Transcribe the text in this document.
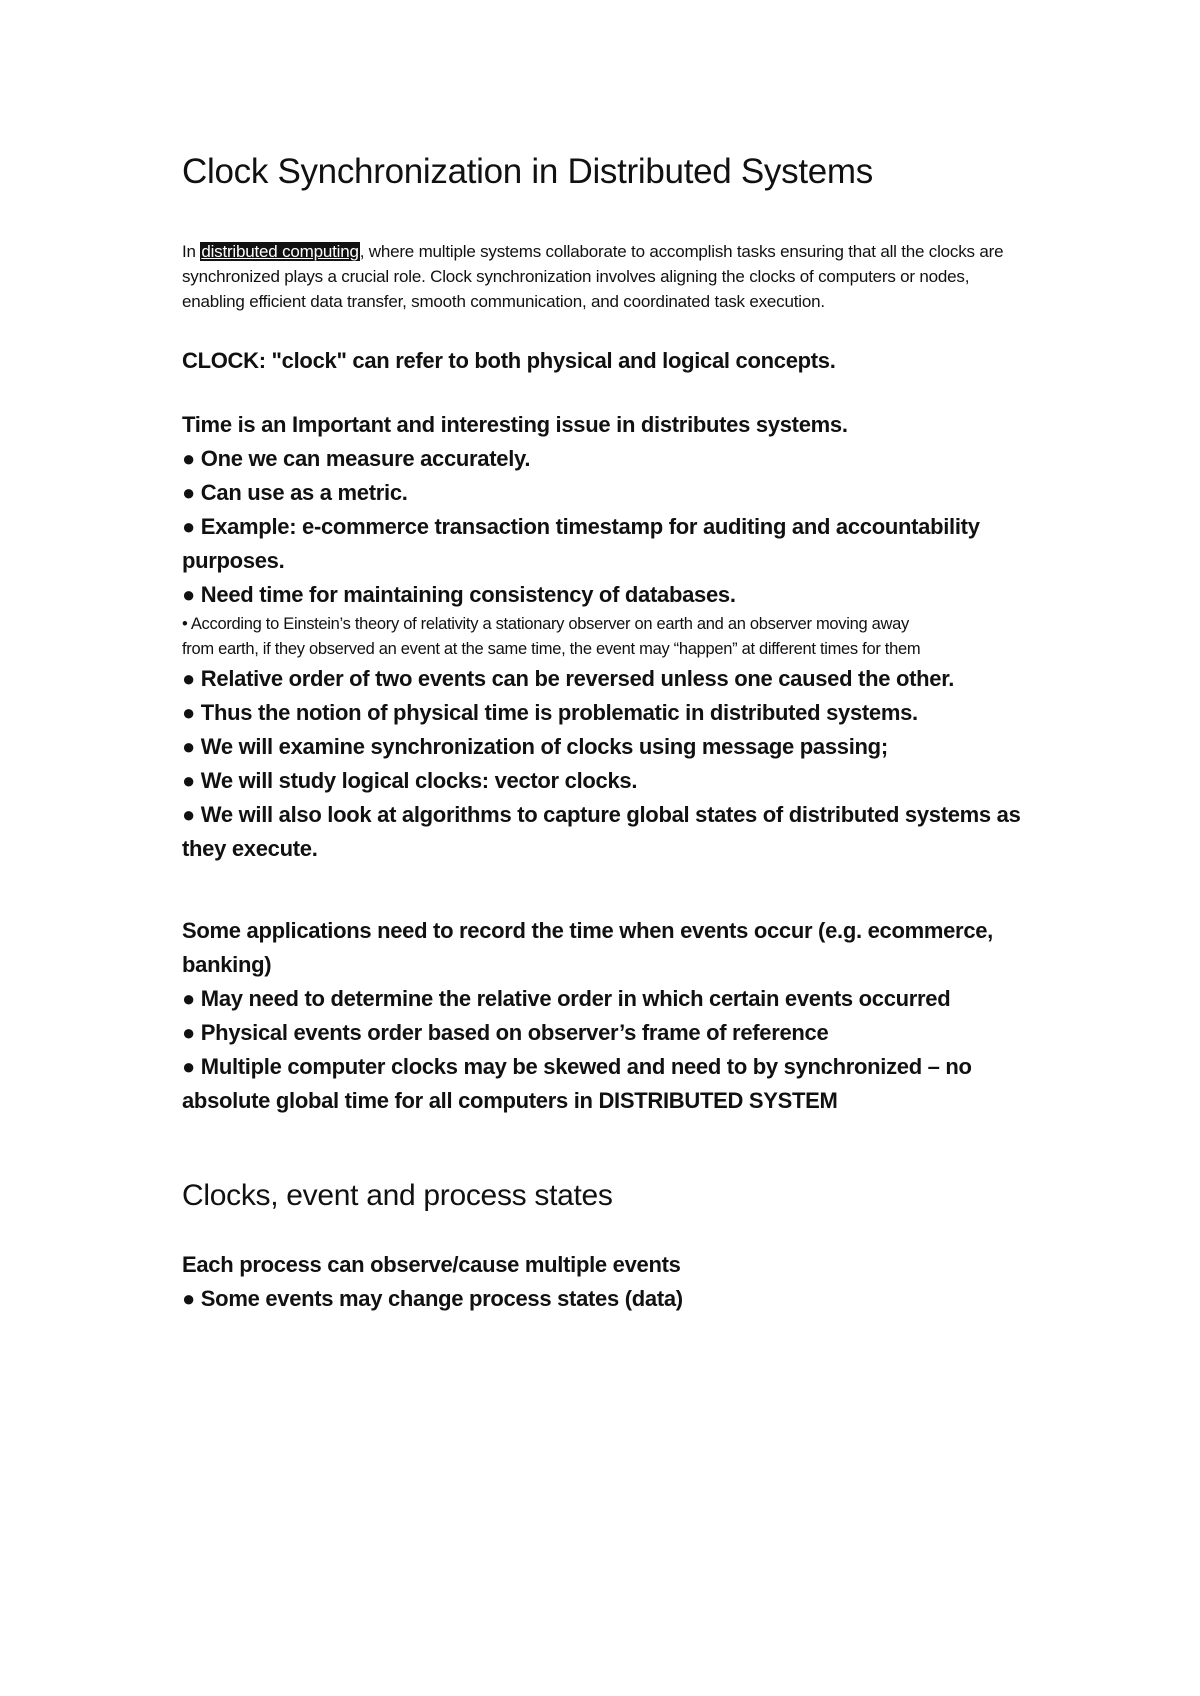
Clock Synchronization in Distributed Systems

In distributed computing, where multiple systems collaborate to accomplish tasks ensuring that all the clocks are synchronized plays a crucial role. Clock synchronization involves aligning the clocks of computers or nodes, enabling efficient data transfer, smooth communication, and coordinated task execution.

CLOCK: "clock" can refer to both physical and logical concepts.

Time is an Important and interesting issue in distributes systems.

● One we can measure accurately.

● Can use as a metric.

● Example: e-commerce transaction timestamp for auditing and accountability purposes.

● Need time for maintaining consistency of databases.

• According to Einstein’s theory of relativity a stationary observer on earth and an observer moving away

from earth, if they observed an event at the same time, the event may “happen” at different times for them

● Relative order of two events can be reversed unless one caused the other.

● Thus the notion of physical time is problematic in distributed systems.

● We will examine synchronization of clocks using message passing;

● We will study logical clocks: vector clocks.

● We will also look at algorithms to capture global states of distributed systems as they execute.

Some applications need to record the time when events occur (e.g. ecommerce, banking)

● May need to determine the relative order in which certain events occurred

● Physical events order based on observer’s frame of reference

● Multiple computer clocks may be skewed and need to by synchronized – no absolute global time for all computers in DISTRIBUTED SYSTEM

Clocks, event and process states

Each process can observe/cause multiple events

● Some events may change process states (data)
